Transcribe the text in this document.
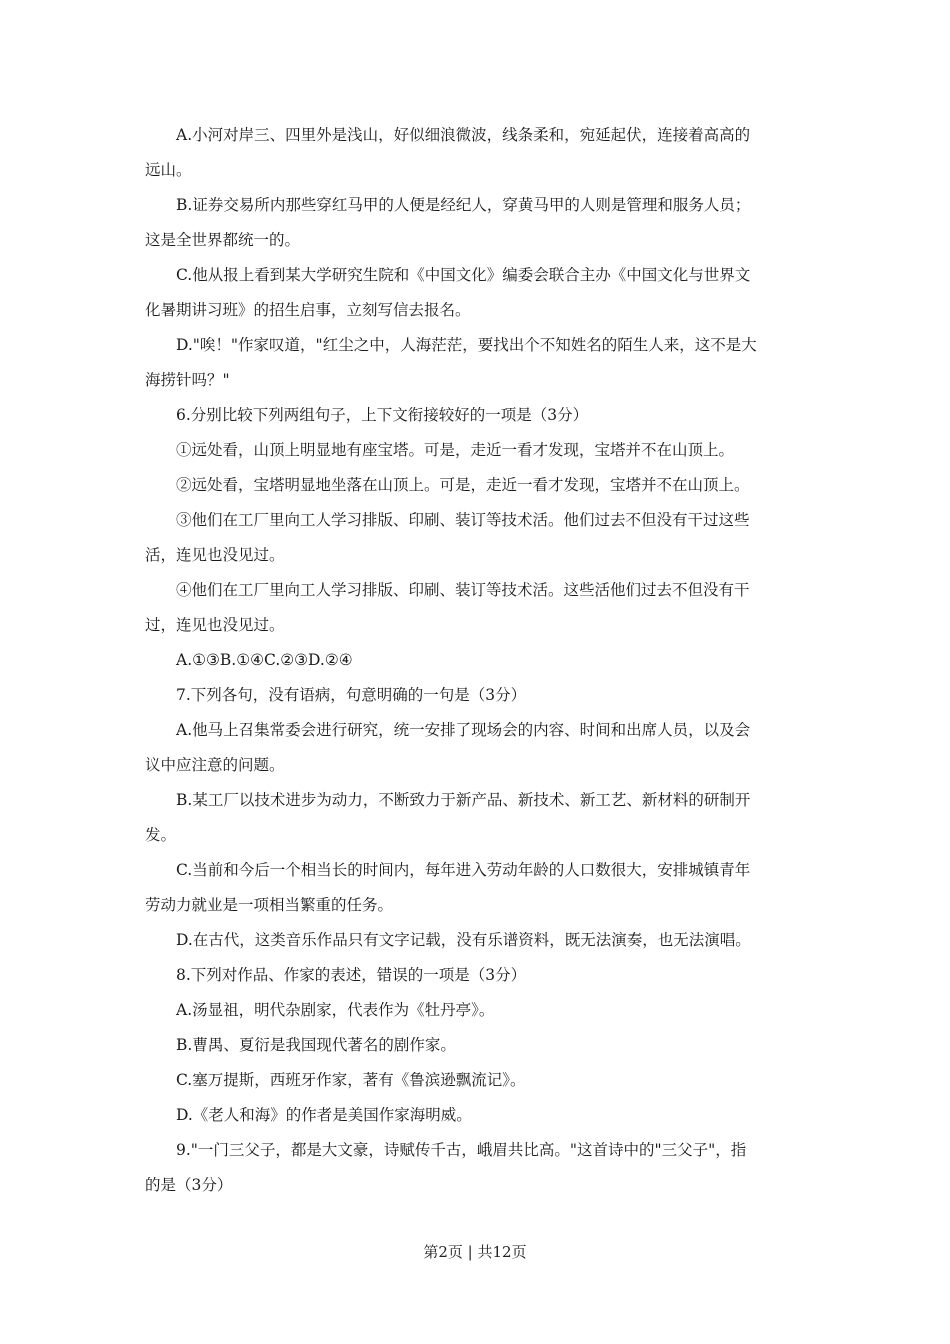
A.小河对岸三、四里外是浅山，好似细浪微波，线条柔和，宛延起伏，连接着高高的

远山。

B.证券交易所内那些穿红马甲的人便是经纪人，穿黄马甲的人则是管理和服务人员；

这是全世界都统一的。

C.他从报上看到某大学研究生院和《中国文化》编委会联合主办《中国文化与世界文

化暑期讲习班》的招生启事，立刻写信去报名。

D."唉！"作家叹道，"红尘之中，人海茫茫，要找出个不知姓名的陌生人来，这不是大

海捞针吗？"

6.分别比较下列两组句子，上下文衔接较好的一项是（3分）

①远处看，山顶上明显地有座宝塔。可是，走近一看才发现，宝塔并不在山顶上。

②远处看，宝塔明显地坐落在山顶上。可是，走近一看才发现，宝塔并不在山顶上。

③他们在工厂里向工人学习排版、印刷、装订等技术活。他们过去不但没有干过这些

活，连见也没见过。

④他们在工厂里向工人学习排版、印刷、装订等技术活。这些活他们过去不但没有干

过，连见也没见过。

A.①③B.①④C.②③D.②④

7.下列各句，没有语病，句意明确的一句是（3分）

A.他马上召集常委会进行研究，统一安排了现场会的内容、时间和出席人员，以及会

议中应注意的问题。

B.某工厂以技术进步为动力，不断致力于新产品、新技术、新工艺、新材料的研制开

发。

C.当前和今后一个相当长的时间内，每年进入劳动年龄的人口数很大，安排城镇青年

劳动力就业是一项相当繁重的任务。

D.在古代，这类音乐作品只有文字记载，没有乐谱资料，既无法演奏，也无法演唱。

8.下列对作品、作家的表述，错误的一项是（3分）

A.汤显祖，明代杂剧家，代表作为《牡丹亭》。

B.曹禺、夏衍是我国现代著名的剧作家。

C.塞万提斯，西班牙作家，著有《鲁滨逊飘流记》。

D.《老人和海》的作者是美国作家海明威。

9."一门三父子，都是大文豪，诗赋传千古，峨眉共比高。"这首诗中的"三父子"，指

的是（3分）

第2页 | 共12页
